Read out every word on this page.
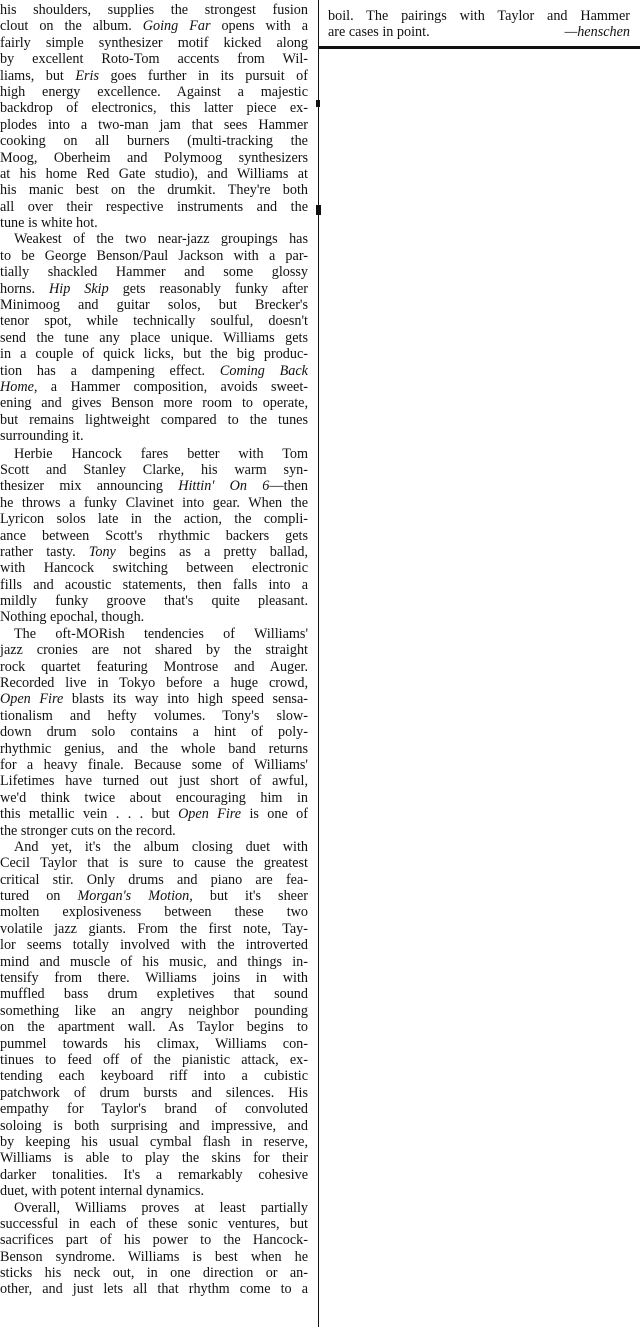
his shoulders, supplies the strongest fusion
clout on the album. Going Far opens with a
fairly simple synthesizer motif kicked along
by excellent Roto-Tom accents from Wil-
liams, but Eris goes further in its pursuit of
high energy excellence. Against a majestic
backdrop of electronics, this latter piece ex-
plodes into a two-man jam that sees Hammer
cooking on all burners (multi-tracking the
Moog, Oberheim and Polymoog synthesizers
at his home Red Gate studio), and Williams at
his manic best on the drumkit. They're both
all over their respective instruments and the
tune is white hot.
Weakest of the two near-jazz groupings has
to be George Benson/Paul Jackson with a par-
tially shackled Hammer and some glossy
horns. Hip Skip gets reasonably funky after
Minimoog and guitar solos, but Brecker's
tenor spot, while technically soulful, doesn't
send the tune any place unique. Williams gets
in a couple of quick licks, but the big produc-
tion has a dampening effect. Coming Back
Home, a Hammer composition, avoids sweet-
ening and gives Benson more room to operate,
but remains lightweight compared to the tunes
surrounding it.
Herbie Hancock fares better with Tom
Scott and Stanley Clarke, his warm syn-
thesizer mix announcing Hittin' On 6—then
he throws a funky Clavinet into gear. When the
Lyricon solos late in the action, the compli-
ance between Scott's rhythmic backers gets
rather tasty. Tony begins as a pretty ballad,
with Hancock switching between electronic
fills and acoustic statements, then falls into a
mildly funky groove that's quite pleasant.
Nothing epochal, though.
The oft-MORish tendencies of Williams'
jazz cronies are not shared by the straight
rock quartet featuring Montrose and Auger.
Recorded live in Tokyo before a huge crowd,
Open Fire blasts its way into high speed sensa-
tionalism and hefty volumes. Tony's slow-
down drum solo contains a hint of poly-
rhythmic genius, and the whole band returns
for a heavy finale. Because some of Williams'
Lifetimes have turned out just short of awful,
we'd think twice about encouraging him in
this metallic vein . . . but Open Fire is one of
the stronger cuts on the record.
And yet, it's the album closing duet with
Cecil Taylor that is sure to cause the greatest
critical stir. Only drums and piano are fea-
tured on Morgan's Motion, but it's sheer
molten explosiveness between these two
volatile jazz giants. From the first note, Tay-
lor seems totally involved with the introverted
mind and muscle of his music, and things in-
tensify from there. Williams joins in with
muffled bass drum expletives that sound
something like an angry neighbor pounding
on the apartment wall. As Taylor begins to
pummel towards his climax, Williams con-
tinues to feed off of the pianistic attack, ex-
tending each keyboard riff into a cubistic
patchwork of drum bursts and silences. His
empathy for Taylor's brand of convoluted
soloing is both surprising and impressive, and
by keeping his usual cymbal flash in reserve,
Williams is able to play the skins for their
darker tonalities. It's a remarkably cohesive
duet, with potent internal dynamics.
Overall, Williams proves at least partially
successful in each of these sonic ventures, but
sacrifices part of his power to the Hancock-
Benson syndrome. Williams is best when he
sticks his neck out, in one direction or an-
other, and just lets all that rhythm come to a
boil. The pairings with Taylor and Hammer
are cases in point.	—henschen
